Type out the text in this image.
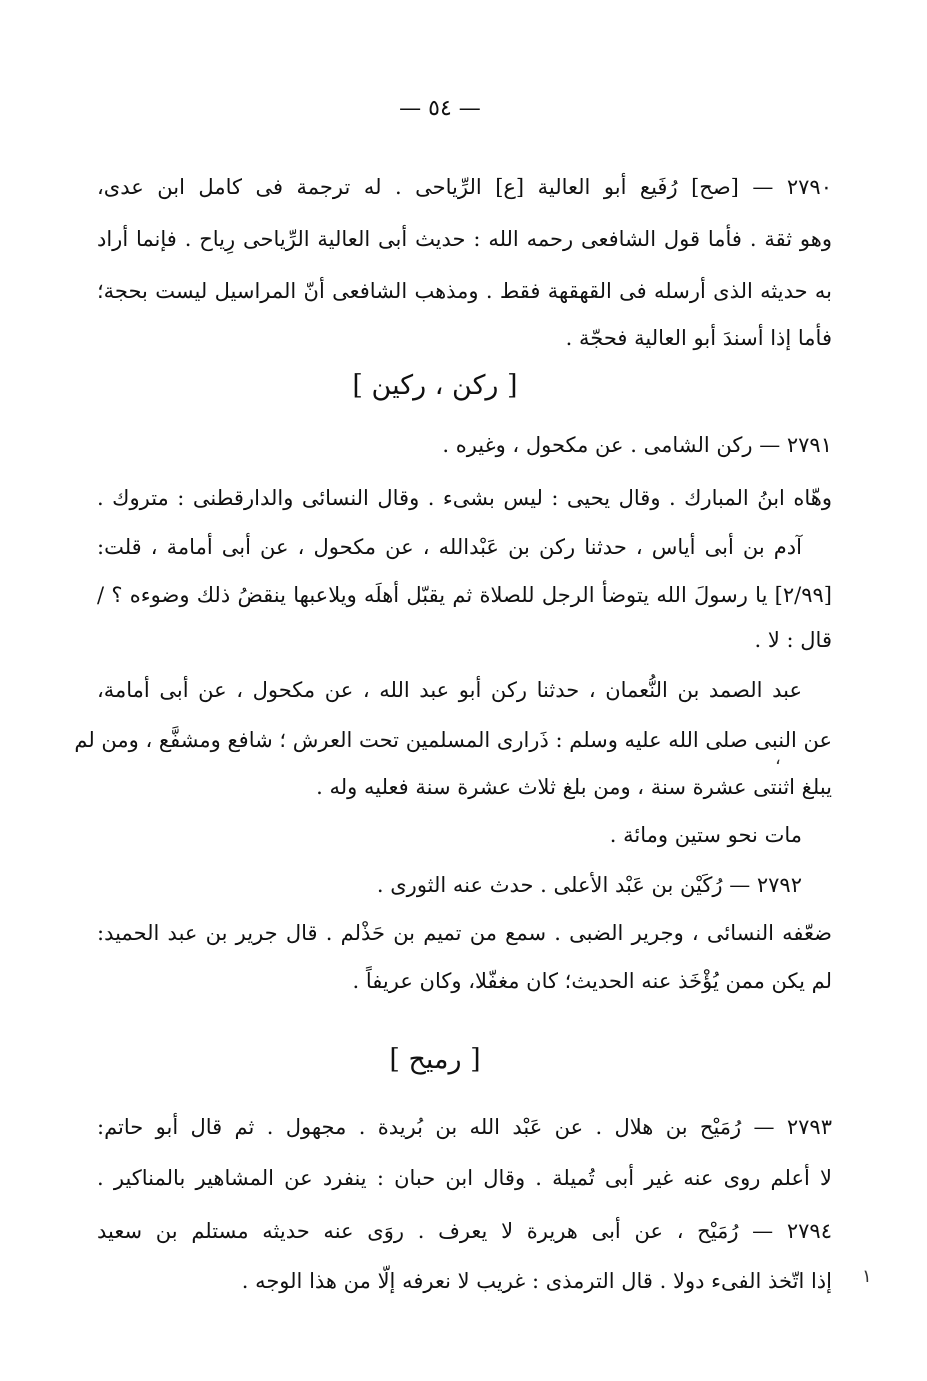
— ٥٤ —
٢٧٩٠ — [صح] رُفَيع أبو العالية [ع] الرِّياحى . له ترجمة فى كامل ابن عدى،
وهو ثقة . فأما قول الشافعى رحمه الله : حديث أبى العالية الرِّياحى رِياح . فإنما أراد
به حديثه الذى أرسله فى القهقهة فقط . ومذهب الشافعى أنّ المراسيل ليست بحجة؛
فأما إذا أسندَ أبو العالية فحجّة .
[ ركن ، ركين ]
٢٧٩١ — ركن الشامى . عن مكحول ، وغيره .
وهّاه ابنُ المبارك . وقال يحيى : ليس بشىء . وقال النسائى والدارقطنى : متروك .
آدم بن أبى أياس ، حدثنا ركن بن عَبْدالله ، عن مكحول ، عن أبى أمامة ، قلت:
[٢/٩٩] يا رسولَ الله يتوضأ الرجل للصلاة ثم يقبّل أهلَه ويلاعبها ينقضُ ذلك وضوءه ؟ /
قال : لا .
عبد الصمد بن النُّعمان ، حدثنا ركن أبو عبد الله ، عن مكحول ، عن أبى أمامة،
عن النبى صلى الله عليه وسلم : ذَرارى المسلمين تحت العرش ؛ شافع ومشفَّع ، ومن لم
يبلغ اثنتى عشرة سنة ، ومن بلغ ثلاث عشرة سنة فعليه وله .
مات نحو ستين ومائة .
٢٧٩٢ — رُكَيْن بن عَبْد الأعلى . حدث عنه الثورى .
ضعّفه النسائى ، وجرير الضبى . سمع من تميم بن حَذْلم . قال جرير بن عبد الحميد:
لم يكن ممن يُؤْخَذ عنه الحديث؛ كان مغفّلا، وكان عريفاً .
[ رميح ]
٢٧٩٣ — رُمَيْح بن هلال . عن عَبْد الله بن بُريدة . مجهول . ثم قال أبو حاتم:
لا أعلم روى عنه غير أبى تُميلة . وقال ابن حبان : ينفرد عن المشاهير بالمناكير .
٢٧٩٤ — رُمَيْح ، عن أبى هريرة لا يعرف . روَى عنه حديثه مستلم بن سعيد
إذا اتّخذ الفىء دولا . قال الترمذى : غريب لا نعرفه إلّا من هذا الوجه .
،
١
